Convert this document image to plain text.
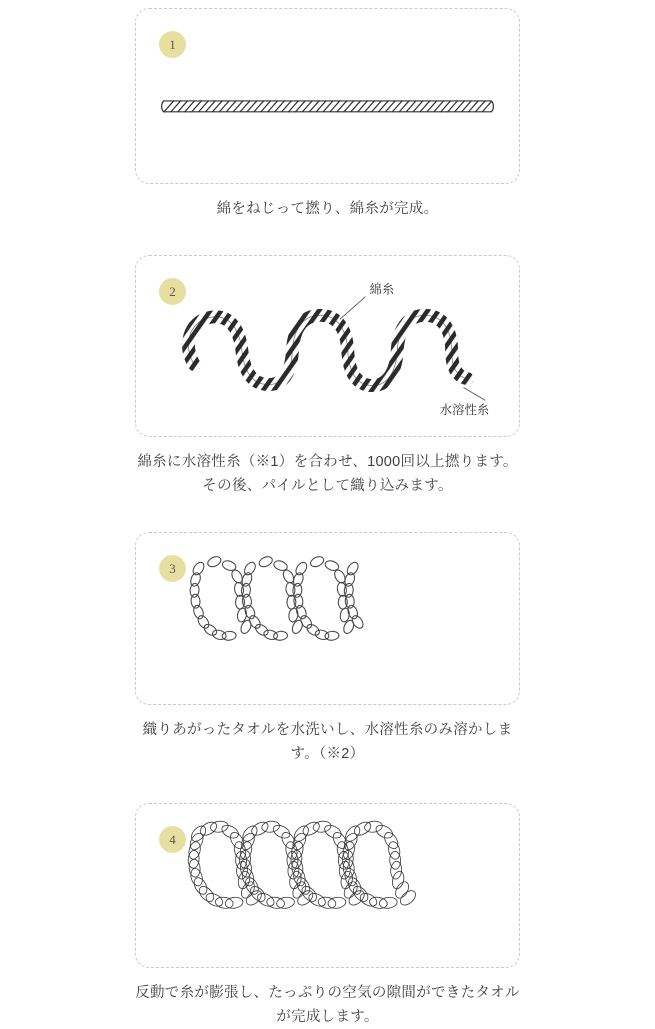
1
綿をねじって撚り、綿糸が完成。
2	綿糸
水溶性糸
綿糸に水溶性糸（※1）を合わせ、1000回以上撚ります。
その後、パイルとして織り込みます。
3
織りあがったタオルを水洗いし、水溶性糸のみ溶かしま
す。（※2）
4
反動で糸が膨張し、たっぷりの空気の隙間ができたタオル
が完成します。
